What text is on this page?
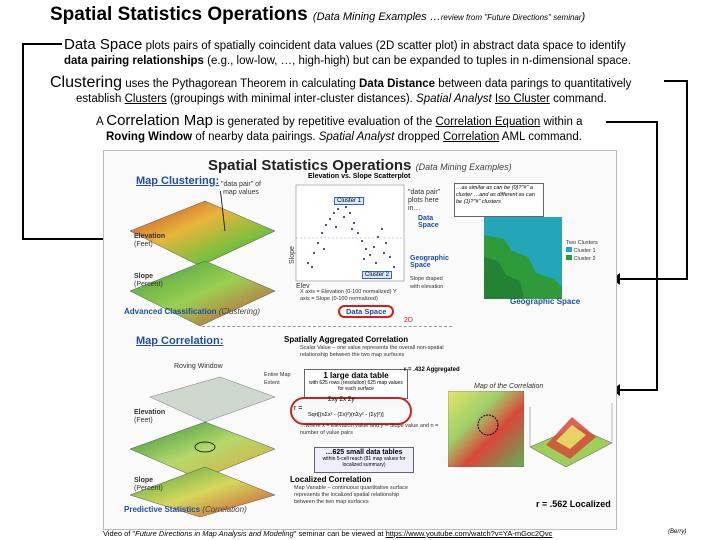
Spatial Statistics Operations (Data Mining Examples …review from "Future Directions" seminar)
Data Space plots pairs of spatially coincident data values (2D scatter plot) in abstract data space to identify
data pairing relationships (e.g., low-low, …, high-high) but can be expanded to tuples in n-dimensional space.
Clustering uses the Pythagorean Theorem in calculating Data Distance between data parings to quantitatively
establish Clusters (groupings with minimal inter-cluster distances). Spatial Analyst Iso Cluster command.
A Correlation Map is generated by repetitive evaluation of the Correlation Equation within a
Roving Window of nearby data pairings. Spatial Analyst dropped Correlation AML command.
Spatial Statistics Operations (Data Mining Examples)
Map Clustering: "data pair" of map values
Elevation
(Feet)
Slope
(Percent)
Elevation vs. Slope Scatterplot
Cluster 1
Cluster 2
Slope
Elev
X axis = Elevation (0-100 normalized) Y axis = Slope (0-100 normalized)
"data pair" plots here in…
…as similar as can be (0)?"#" a cluster …and as different as can be (1)?"#" clusters
Data Space
Geographic Space
Slope draped with elevation
Two Clusters
Cluster 1
Cluster 2
Advanced Classification (Clustering)	Data Space
2D
Geographic Space
Map Correlation:	Spatially Aggregated Correlation
Scalar Value – one value represents the overall non-spatial relationship between the two map surfaces
Roving Window
Elevation
(Feet)
Slope
(Percent)
Entire Map Extent
1 large data table
with 625 rows (resolution) 625 map values for each surface
Σxy Σx Σy
r =
Sqrt[(nΣx² - (Σx)²)(nΣy² - (Σy)²)]
…where x = Elevation value and y = Slope value and n = number of value pairs
r = .432 Aggregated
Map of the Correlation
…625 small data tables
within 5-cell reach (81 map values for localized summary)
Localized Correlation
Map Variable – continuous quantitative surface represents the localized spatial relationship between the two map surfaces	r = .562 Localized
Predictive Statistics (Correlation)
Video of "Future Directions in Map Analysis and Modeling" seminar can be viewed at https://www.youtube.com/watch?v=YA-mGoc2Qvc	(Berry)
